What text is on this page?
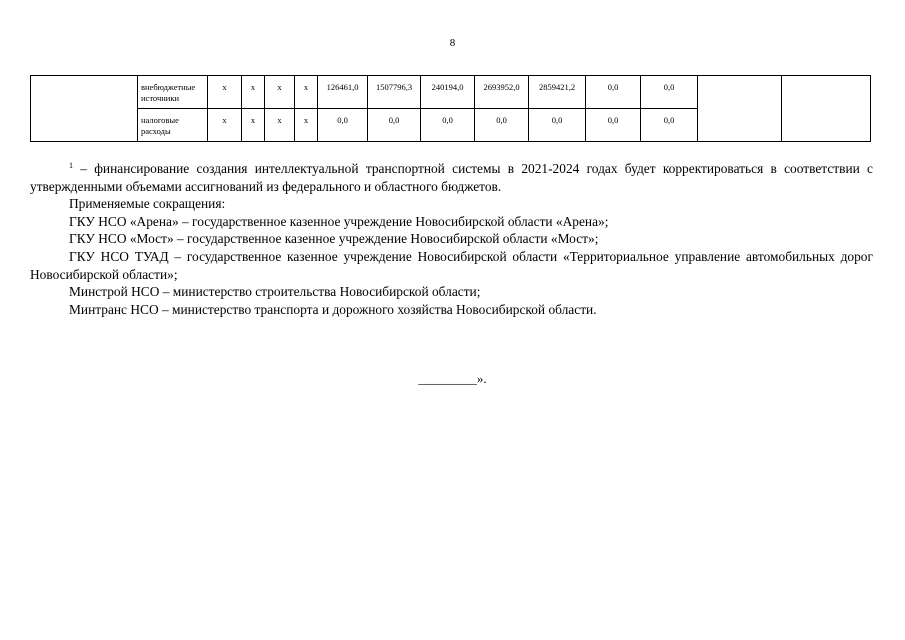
8
	внебюджетные источники	x	x	x	x	126461,0	1507796,3	240194,0	2693952,0	2859421,2	0,0	0,0		
	налоговые расходы	x	x	x	x	0,0	0,0	0,0	0,0	0,0	0,0	0,0		

$^1$ – финансирование создания интеллектуальной транспортной системы в 2021-2024 годах будет корректироваться в соответствии с утвержденными объемами ассигнований из федерального и областного бюджетов.

Применяемые сокращения:

ГКУ НСО «Арена» – государственное казенное учреждение Новосибирской области «Арена»;

ГКУ НСО «Мост» – государственное казенное учреждение Новосибирской области «Мост»;

ГКУ НСО ТУАД – государственное казенное учреждение Новосибирской области «Территориальное управление автомобильных дорог Новосибирской области»;

Минстрой НСО – министерство строительства Новосибирской области;

Минтранс НСО – министерство транспорта и дорожного хозяйства Новосибирской области.

_________».
